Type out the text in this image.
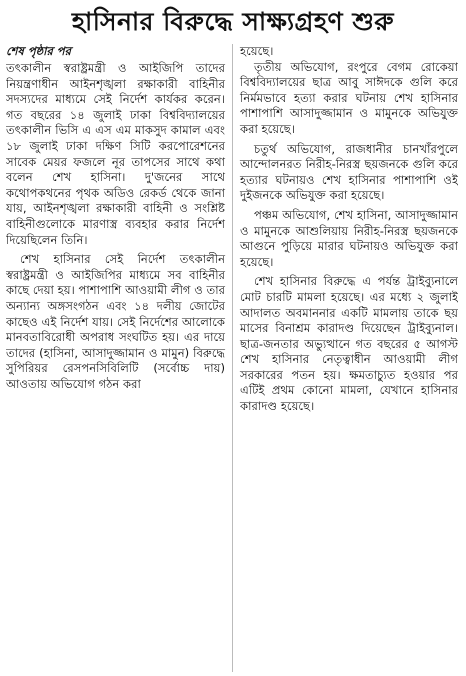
হাসিনার বিরুদ্ধে সাক্ষ্যগ্রহণ শুরু
শেষ পৃষ্ঠার পর

তৎকালীন স্বরাষ্ট্রমন্ত্রী ও আইজিপি তাদের নিয়ন্ত্রণাধীন আইনশৃঙ্খলা রক্ষাকারী বাহিনীর সদস্যদের মাধ্যমে সেই নির্দেশ কার্যকর করেন। গত বছরের ১৪ জুলাই ঢাকা বিশ্ববিদ্যালয়ের তৎকালীন ভিসি এ এস এম মাকসুদ কামাল এবং ১৮ জুলাই ঢাকা দক্ষিণ সিটি করপোরেশনের সাবেক মেয়র ফজলে নূর তাপসের সাথে কথা বলেন শেখ হাসিনা। দু'জনের সাথে কথোপকথনের পৃথক অডিও রেকর্ড থেকে জানা যায়, আইনশৃঙ্খলা রক্ষাকারী বাহিনী ও সংশ্লিষ্ট বাহিনীগুলোকে মারণাস্ত্র ব্যবহার করার নির্দেশ দিয়েছিলেন তিনি।

শেখ হাসিনার সেই নির্দেশ তৎকালীন স্বরাষ্ট্রমন্ত্রী ও আইজিপির মাধ্যমে সব বাহিনীর কাছে দেয়া হয়। পাশাপাশি আওয়ামী লীগ ও তার অন্যান্য অঙ্গসংগঠন এবং ১৪ দলীয় জোটের কাছেও এই নির্দেশ যায়। সেই নির্দেশের আলোকে মানবতাবিরোধী অপরাধ সংঘটিত হয়। এর দায়ে তাদের (হাসিনা, আসাদুজ্জামান ও মামুন) বিরুদ্ধে সুপিরিয়র রেসপনসিবিলিটি (সর্বোচ্চ দায়) আওতায় অভিযোগ গঠন করা

হয়েছে।

তৃতীয় অভিযোগ, রংপুরে বেগম রোকেয়া বিশ্ববিদ্যালয়ের ছাত্র আবু সাঈদকে গুলি করে নির্মমভাবে হত্যা করার ঘটনায় শেখ হাসিনার পাশাপাশি আসাদুজ্জামান ও মামুনকে অভিযুক্ত করা হয়েছে।

চতুর্থ অভিযোগ, রাজধানীর চানখাঁরপুলে আন্দোলনরত নিরীহ-নিরস্ত্র ছয়জনকে গুলি করে হত্যার ঘটনায়ও শেখ হাসিনার পাশাপাশি ওই দুইজনকে অভিযুক্ত করা হয়েছে।

পঞ্চম অভিযোগ, শেখ হাসিনা, আসাদুজ্জামান ও মামুনকে আশুলিয়ায় নিরীহ-নিরস্ত্র ছয়জনকে আগুনে পুড়িয়ে মারার ঘটনায়ও অভিযুক্ত করা হয়েছে।

শেখ হাসিনার বিরুদ্ধে এ পর্যন্ত ট্রাইব্যুনালে মোট চারটি মামলা হয়েছে। এর মধ্যে ২ জুলাই আদালত অবমাননার একটি মামলায় তাকে ছয় মাসের বিনাশ্রম কারাদণ্ড দিয়েছেন ট্রাইব্যুনাল। ছাত্র-জনতার অভ্যুত্থানে গত বছরের ৫ আগস্ট শেখ হাসিনার নেতৃত্বাধীন আওয়ামী লীগ সরকারের পতন হয়। ক্ষমতাচ্যুত হওয়ার পর এটিই প্রথম কোনো মামলা, যেখানে হাসিনার কারাদণ্ড হয়েছে।
